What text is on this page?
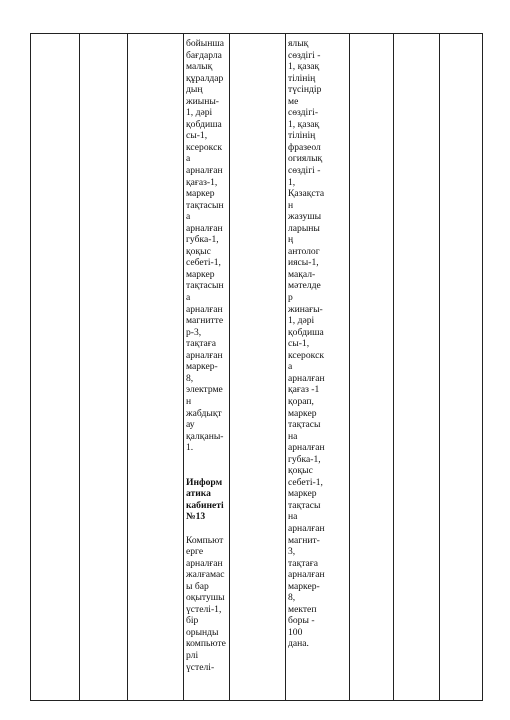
бойынша
бағдарла
малық
құралдар
дың
жиыны-
1, дәрі
қобдиша
сы-1,
ксерокск
а
арналған
қағаз-1,
маркер
тақтасын
а
арналған
губка-1,
қоқыс
себеті-1,
маркер
тақтасын
а
арналған
магнитте
р-3,
тақтаға
арналған
маркер-
8,
электрме
н
жабдықт
ау
қалқаны-
1.

Информ
атика
кабинеті
№13

Компьют
ерге
арналған
жалғамас
ы бар
оқытушы
үстелі-1,
бір
орынды
компьюте
рлі
үстелі-
ялық
сөздігі -
1, қазақ
тілінің
түсіндір
ме
сөздігі-
1, қазақ
тілінің
фразеол
огиялық
сөздігі -
1,
Қазақста
н
жазушы
ларыны
ң
антолог
иясы-1,
мақал-
мәтелде
р
жинағы-
1, дәрі
қобдиша
сы-1,
ксерокск
а
арналған
қағаз -1
қорап,
маркер
тақтасы
на
арналған
губка-1,
қоқыс
себеті-1,
маркер
тақтасы
на
арналған
магнит-
3,
тақтаға
арналған
маркер-
8,
мектеп
боры -
100
дана.
